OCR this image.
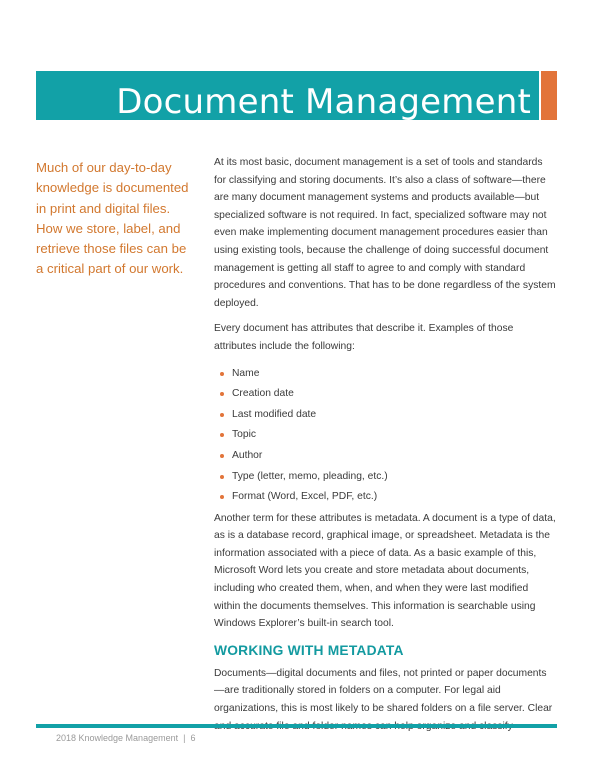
Document Management
Much of our day-to-day knowledge is documented in print and digital files. How we store, label, and retrieve those files can be a critical part of our work.

At its most basic, document management is a set of tools and standards for classifying and storing documents. It’s also a class of software—there are many document management systems and products available—but specialized software is not required. In fact, specialized software may not even make implementing document management procedures easier than using existing tools, because the challenge of doing successful document management is getting all staff to agree to and comply with standard procedures and conventions. That has to be done regardless of the system deployed.

Every document has attributes that describe it. Examples of those attributes include the following:

Name
Creation date
Last modified date
Topic
Author
Type (letter, memo, pleading, etc.)
Format (Word, Excel, PDF, etc.)

Another term for these attributes is metadata. A document is a type of data, as is a database record, graphical image, or spreadsheet. Metadata is the information associated with a piece of data. As a basic example of this, Microsoft Word lets you create and store metadata about documents, including who created them, when, and when they were last modified within the documents themselves. This information is searchable using Windows Explorer’s built-in search tool.

WORKING WITH METADATA

Documents—digital documents and files, not printed or paper documents—are traditionally stored in folders on a computer. For legal aid organizations, this is most likely to be shared folders on a file server. Clear

2018 Knowledge Management | 6
